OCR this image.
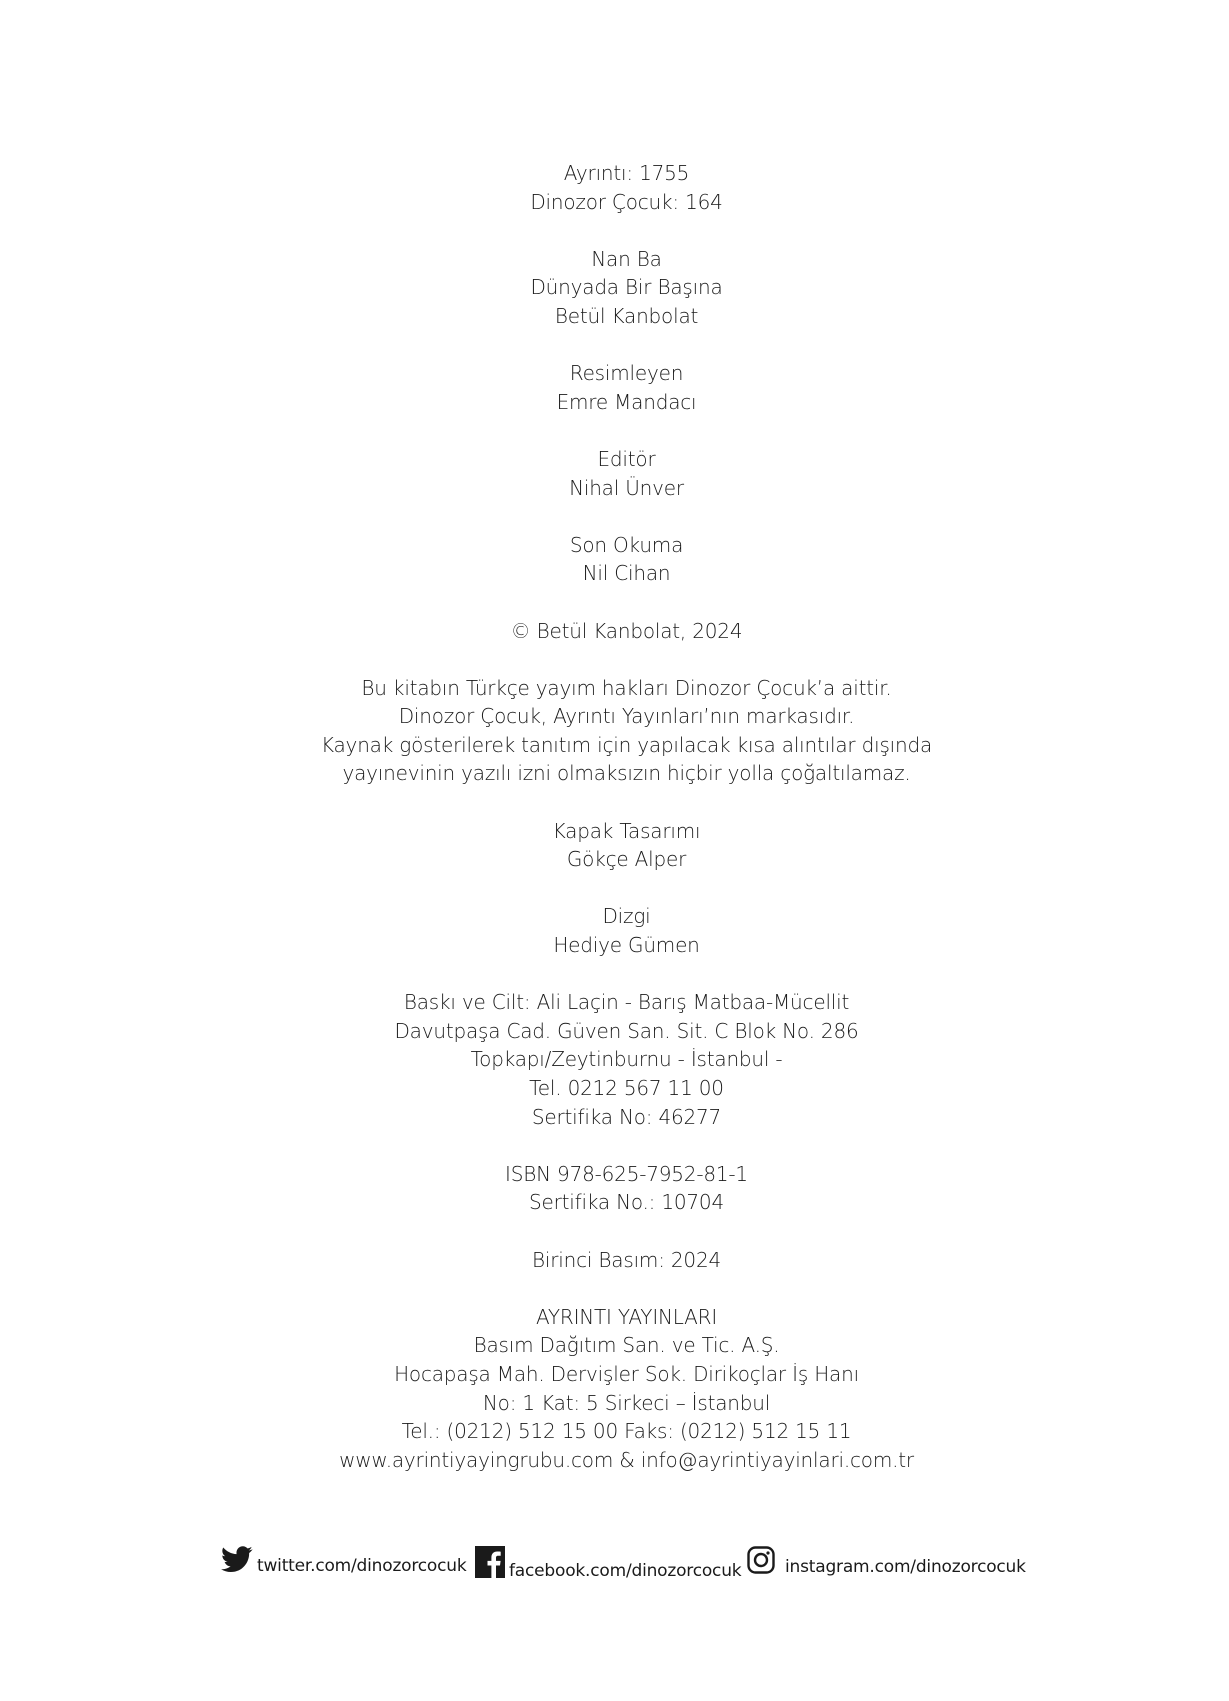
Ayrıntı: 1755
Dinozor Çocuk: 164
Nan Ba
Dünyada Bir Başına
Betül Kanbolat
Resimleyen
Emre Mandacı
Editör
Nihal Ünver
Son Okuma
Nil Cihan
© Betül Kanbolat, 2024
Bu kitabın Türkçe yayım hakları Dinozor Çocuk’a aittir.
Dinozor Çocuk, Ayrıntı Yayınları’nın markasıdır.
Kaynak gösterilerek tanıtım için yapılacak kısa alıntılar dışında
yayınevinin yazılı izni olmaksızın hiçbir yolla çoğaltılamaz.
Kapak Tasarımı
Gökçe Alper
Dizgi
Hediye Gümen
Baskı ve Cilt: Ali Laçin - Barış Matbaa-Mücellit
Davutpaşa Cad. Güven San. Sit. C Blok No. 286
Topkapı/Zeytinburnu - İstanbul -
Tel. 0212 567 11 00
Sertifika No: 46277
ISBN 978-625-7952-81-1
Sertifika No.: 10704
Birinci Basım: 2024
AYRINTI YAYINLARI
Basım Dağıtım San. ve Tic. A.Ş.
Hocapaşa Mah. Dervişler Sok. Dirikoçlar İş Hanı
No: 1 Kat: 5 Sirkeci – İstanbul
Tel.: (0212) 512 15 00 Faks: (0212) 512 15 11
www.ayrintiyayingrubu.com & info@ayrintiyayinlari.com.tr
twitter.com/dinozorcocuk	facebook.com/dinozorcocuk	instagram.com/dinozorcocuk
